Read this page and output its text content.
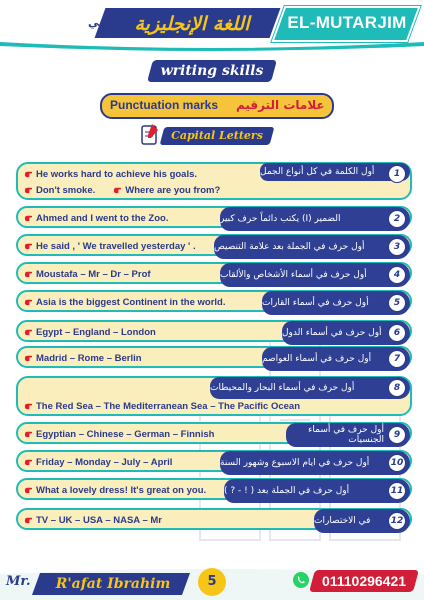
اللغة الإنجليزية
في	EL-MUTARJIM
writing skills
Punctuation marks علامات الترقيم
Capital Letters
أول الكلمة في كل أنواع الجمل	1
He works hard to achieve his goals.
Don't smoke.	Where are you from?
الضمير (I) يكتب دائماً حرف كبير	2
Ahmed and I went to the Zoo.
أول حرف في الجملة بعد علامة التنصيص	3
He said , ' We travelled yesterday ' .
أول حرف في أسماء الأشخاص والألقاب	4
Moustafa – Mr – Dr – Prof
أول حرف في أسماء القارات	5
Asia is the biggest Continent in the world.
أول حرف في أسماء الدول	6
Egypt – England – London
أول حرف في أسماء العواصم	7
Madrid – Rome – Berlin
أول حرف في أسماء البحار والمحيطات	8
The Red Sea – The Mediterranean Sea – The Pacific Ocean
أول حرف في أسماء الجنسيات	9
Egyptian – Chinese – German – Finnish
أول حرف في ايام الاسبوع وشهور السنة	10
Friday – Monday – July – April
أول حرف في الجملة بعد ( ! - ? )	11
What a lovely dress! It's great on you.
في الاختصارات	12
TV – UK – USA – NASA – Mr
Mr.	R'afat Ibrahim	5	01110296421
